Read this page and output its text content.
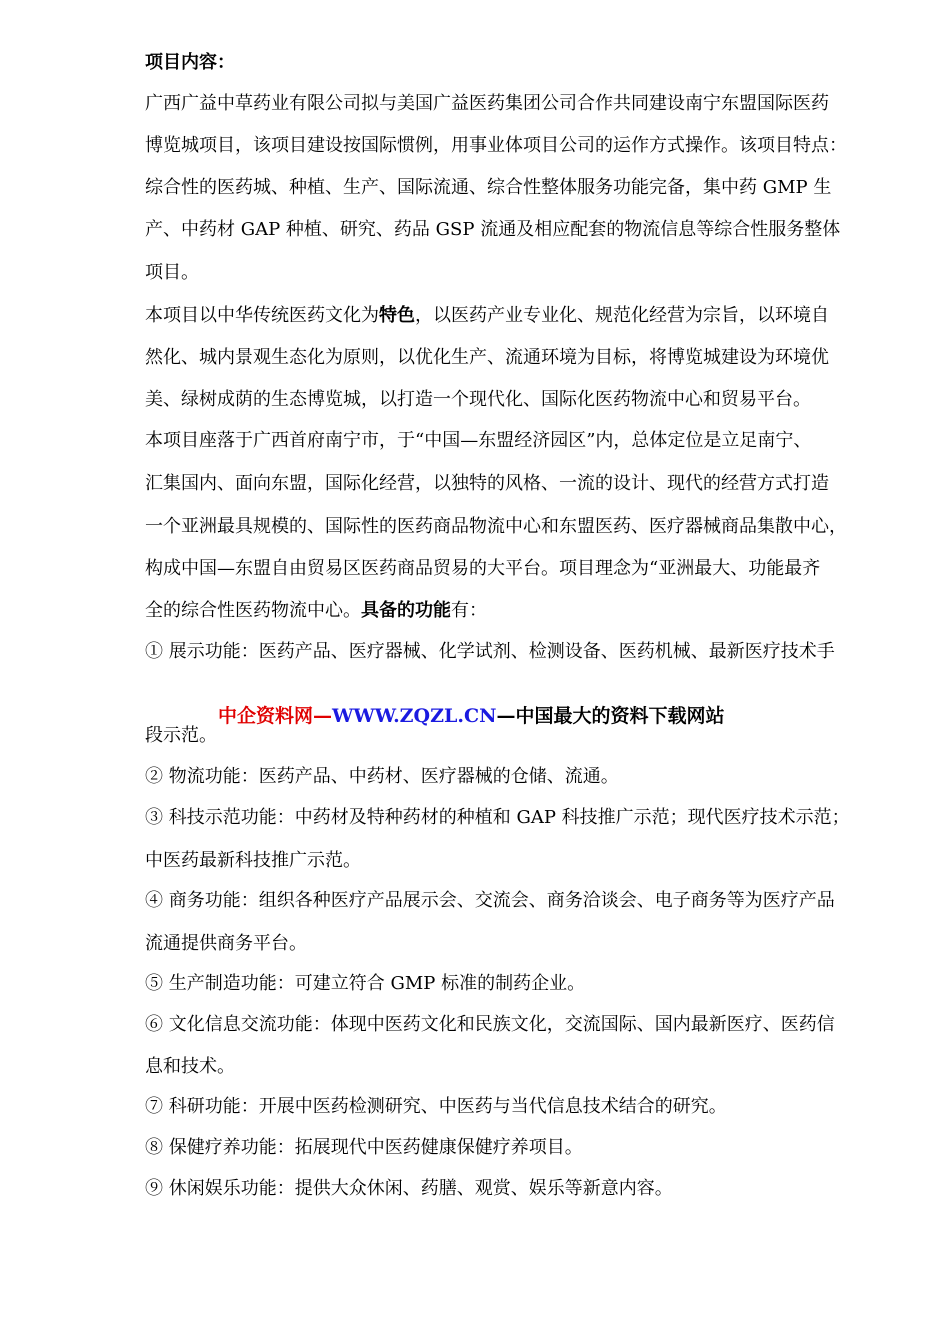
项目内容：
广西广益中草药业有限公司拟与美国广益医药集团公司合作共同建设南宁东盟国际医药
博览城项目，该项目建设按国际惯例，用事业体项目公司的运作方式操作。该项目特点：
综合性的医药城、种植、生产、国际流通、综合性整体服务功能完备，集中药 GMP 生
产、中药材 GAP 种植、研究、药品 GSP 流通及相应配套的物流信息等综合性服务整体
项目。
本项目以中华传统医药文化为特色，以医药产业专业化、规范化经营为宗旨，以环境自
然化、城内景观生态化为原则，以优化生产、流通环境为目标，将博览城建设为环境优
美、绿树成荫的生态博览城，以打造一个现代化、国际化医药物流中心和贸易平台。
本项目座落于广西首府南宁市，于“中国—东盟经济园区”内，总体定位是立足南宁、
汇集国内、面向东盟，国际化经营，以独特的风格、一流的设计、现代的经营方式打造
一个亚洲最具规模的、国际性的医药商品物流中心和东盟医药、医疗器械商品集散中心，
构成中国—东盟自由贸易区医药商品贸易的大平台。项目理念为“亚洲最大、功能最齐
全的综合性医药物流中心。具备的功能有：
① 展示功能：医药产品、医疗器械、化学试剂、检测设备、医药机械、最新医疗技术手
中企资料网—WWW.ZQZL.CN—中国最大的资料下载网站
段示范。
② 物流功能：医药产品、中药材、医疗器械的仓储、流通。
③ 科技示范功能：中药材及特种药材的种植和 GAP 科技推广示范；现代医疗技术示范；
中医药最新科技推广示范。
④ 商务功能：组织各种医疗产品展示会、交流会、商务洽谈会、电子商务等为医疗产品
流通提供商务平台。
⑤ 生产制造功能：可建立符合 GMP 标准的制药企业。
⑥ 文化信息交流功能：体现中医药文化和民族文化，交流国际、国内最新医疗、医药信
息和技术。
⑦ 科研功能：开展中医药检测研究、中医药与当代信息技术结合的研究。
⑧ 保健疗养功能：拓展现代中医药健康保健疗养项目。
⑨ 休闲娱乐功能：提供大众休闲、药膳、观赏、娱乐等新意内容。
